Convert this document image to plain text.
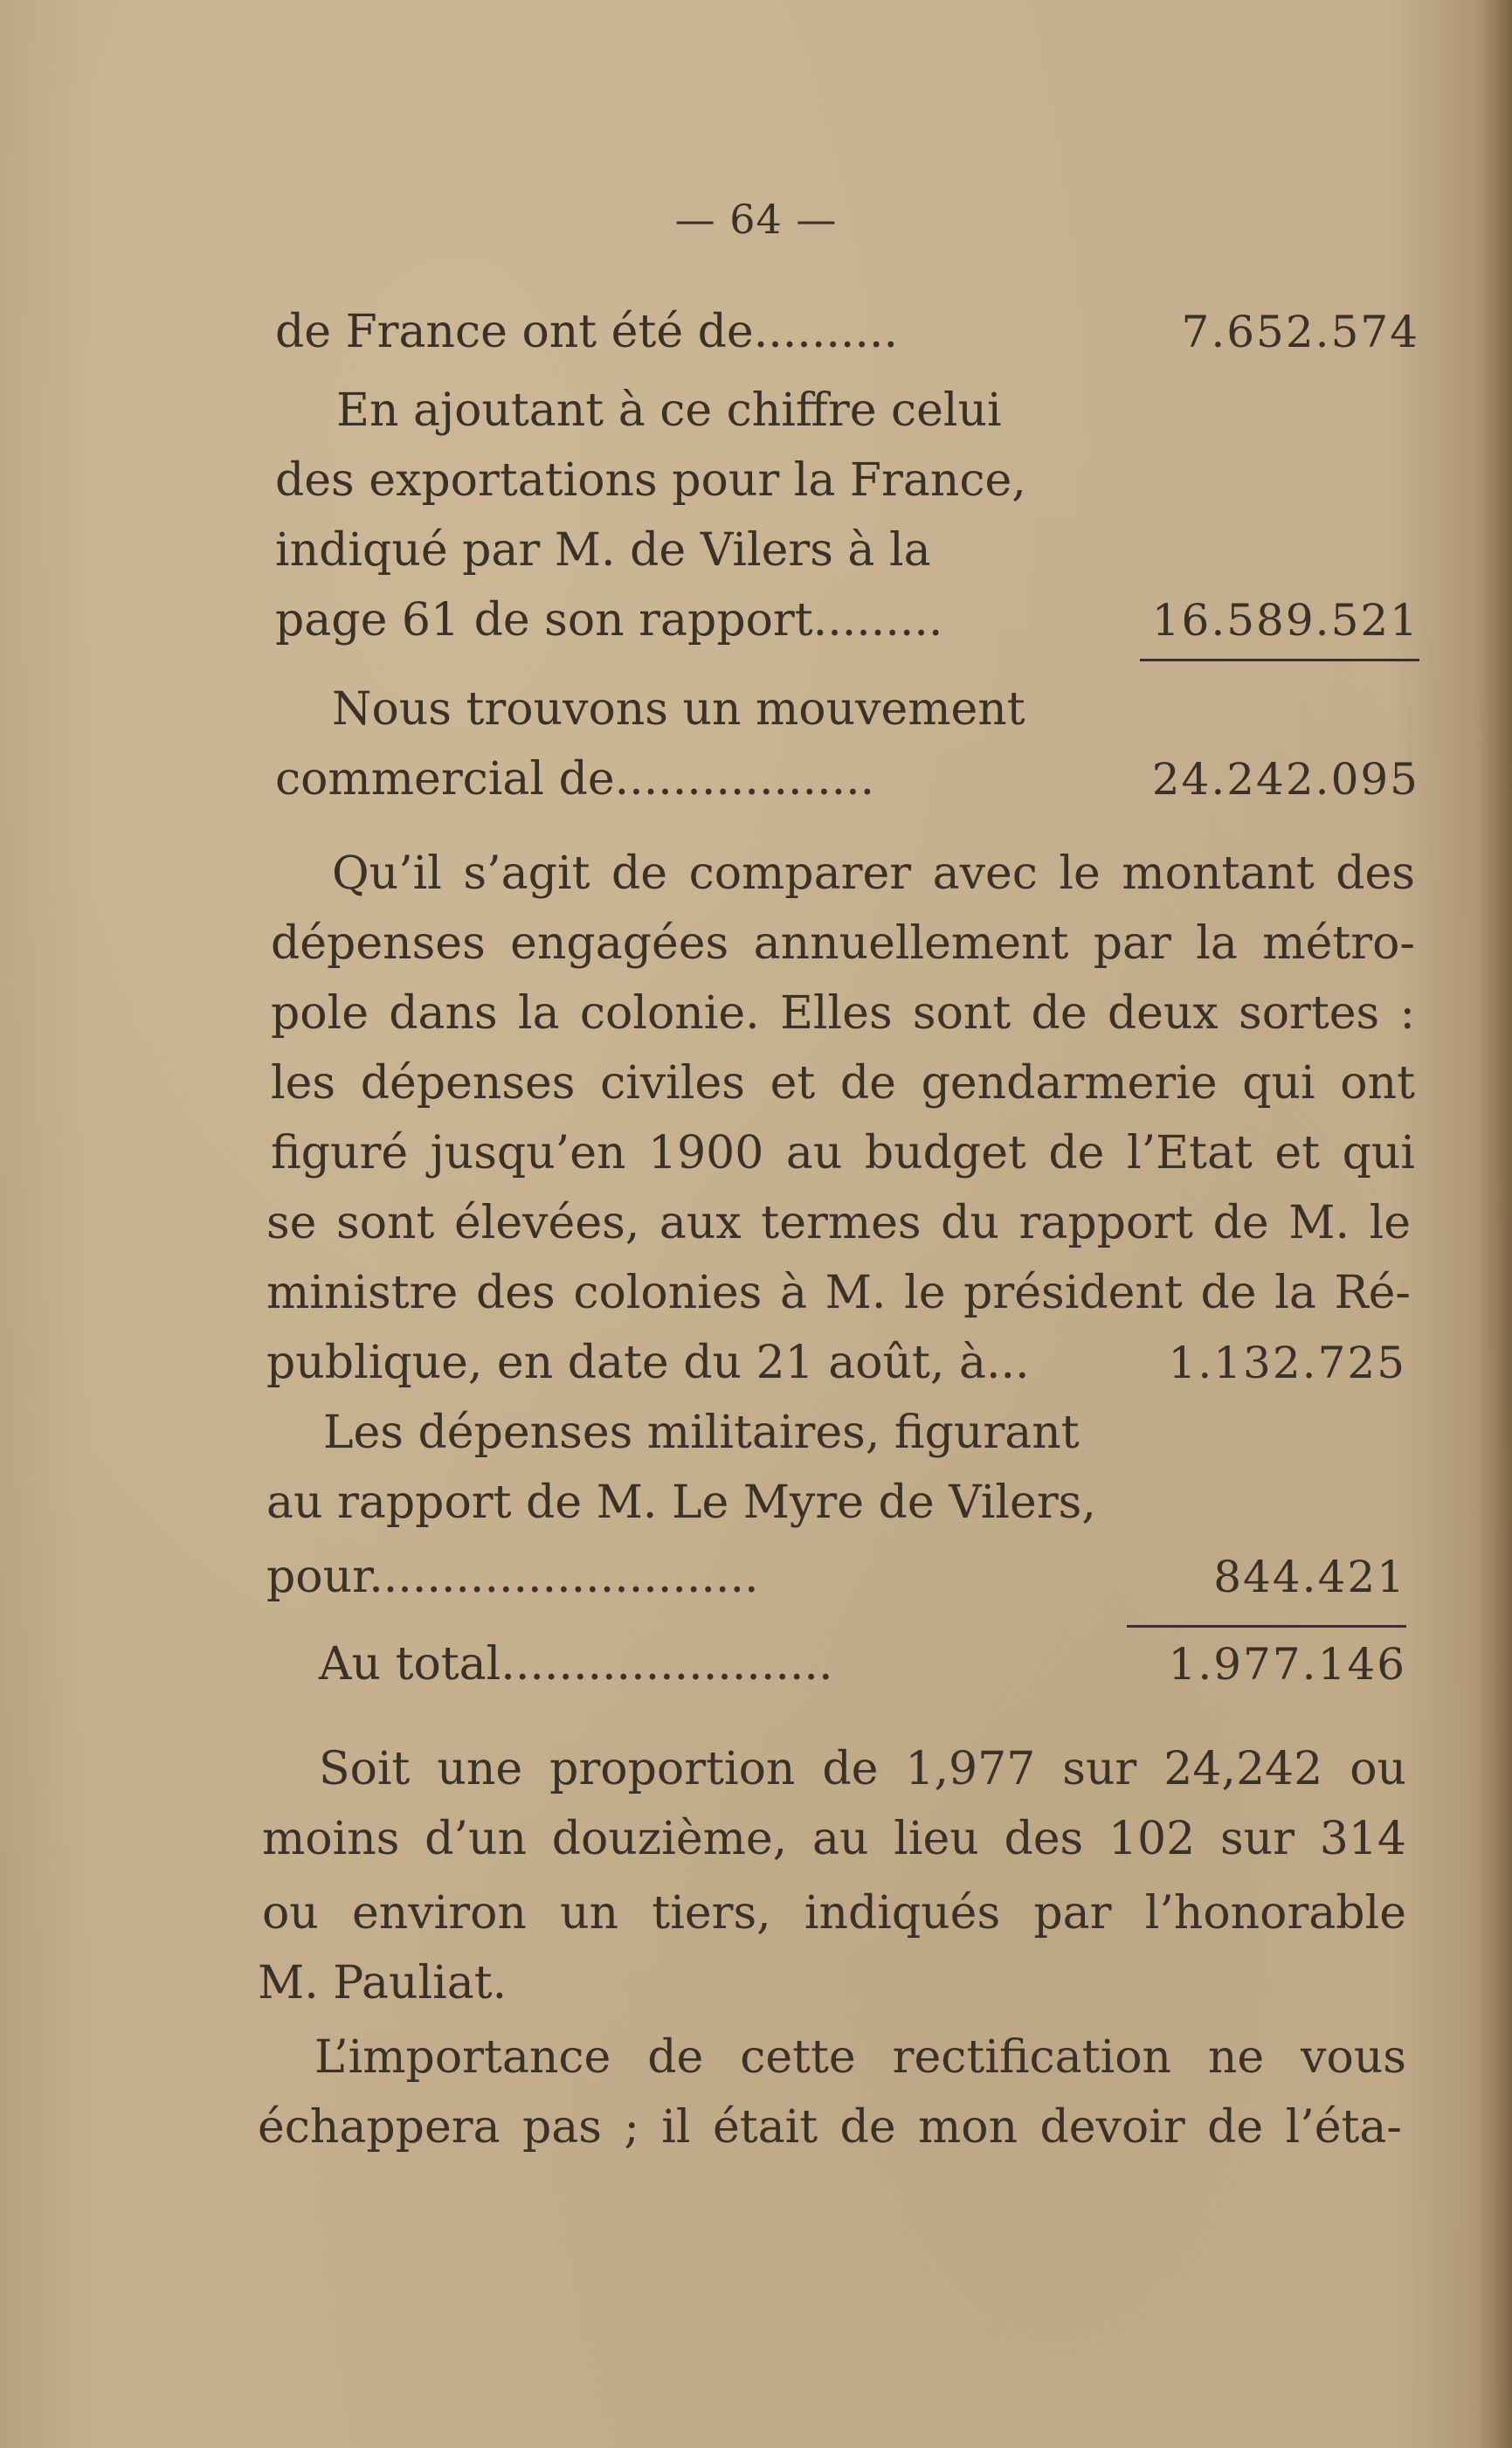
— 64 —
de France ont été de..........	7.652.574
En ajoutant à ce chiffre celui
des exportations pour la France,
indiqué par M. de Vilers à la
page 61 de son rapport.........	16.589.521
Nous trouvons un mouvement
commercial de..................	24.242.095
Qu’il s’agit de comparer avec le montant des
dépenses engagées annuellement par la métro-
pole dans la colonie. Elles sont de deux sortes :
les dépenses civiles et de gendarmerie qui ont
figuré jusqu’en 1900 au budget de l’Etat et qui
se sont élevées, aux termes du rapport de M. le
ministre des colonies à M. le président de la Ré-
publique, en date du 21 août, à...	1.132.725
Les dépenses militaires, figurant
au rapport de M. Le Myre de Vilers,
pour...........................	844.421
Au total.......................	1.977.146
Soit une proportion de 1,977 sur 24,242 ou
moins d’un douzième, au lieu des 102 sur 314
ou environ un tiers, indiqués par l’honorable
M. Pauliat.
L’importance de cette rectification ne vous
échappera pas ; il était de mon devoir de l’éta-
